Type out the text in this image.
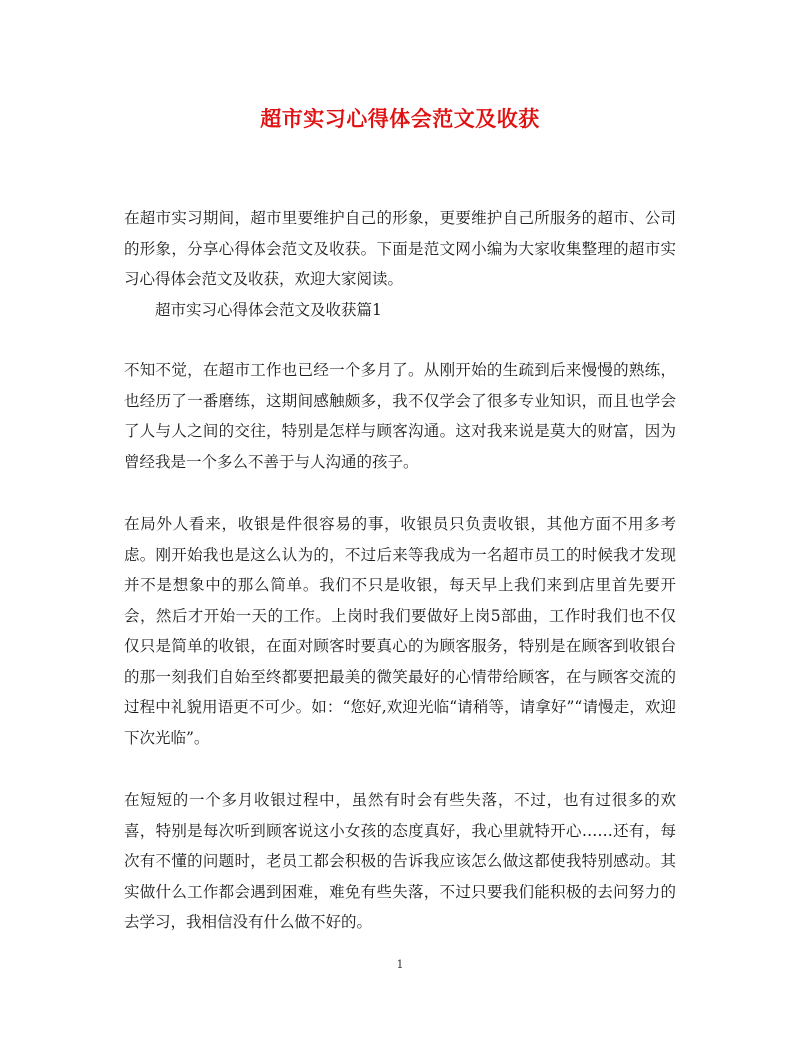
超市实习心得体会范文及收获

在超市实习期间，超市里要维护自己的形象，更要维护自己所服务的超市、公司的形象，分享心得体会范文及收获。下面是范文网小编为大家收集整理的超市实习心得体会范文及收获，欢迎大家阅读。

超市实习心得体会范文及收获篇1

不知不觉，在超市工作也已经一个多月了。从刚开始的生疏到后来慢慢的熟练，也经历了一番磨练，这期间感触颇多，我不仅学会了很多专业知识，而且也学会了人与人之间的交往，特别是怎样与顾客沟通。这对我来说是莫大的财富，因为曾经我是一个多么不善于与人沟通的孩子。

在局外人看来，收银是件很容易的事，收银员只负责收银，其他方面不用多考虑。刚开始我也是这么认为的，不过后来等我成为一名超市员工的时候我才发现并不是想象中的那么简单。我们不只是收银，每天早上我们来到店里首先要开会，然后才开始一天的工作。上岗时我们要做好上岗5部曲，工作时我们也不仅仅只是简单的收银，在面对顾客时要真心的为顾客服务，特别是在顾客到收银台的那一刻我们自始至终都要把最美的微笑最好的心情带给顾客，在与顾客交流的过程中礼貌用语更不可少。如：“您好,欢迎光临“请稍等，请拿好”“请慢走，欢迎下次光临”。

在短短的一个多月收银过程中，虽然有时会有些失落，不过，也有过很多的欢喜，特别是每次听到顾客说这小女孩的态度真好，我心里就特开心……还有，每次有不懂的问题时，老员工都会积极的告诉我应该怎么做这都使我特别感动。其实做什么工作都会遇到困难，难免有些失落，不过只要我们能积极的去问努力的去学习，我相信没有什么做不好的。

1
